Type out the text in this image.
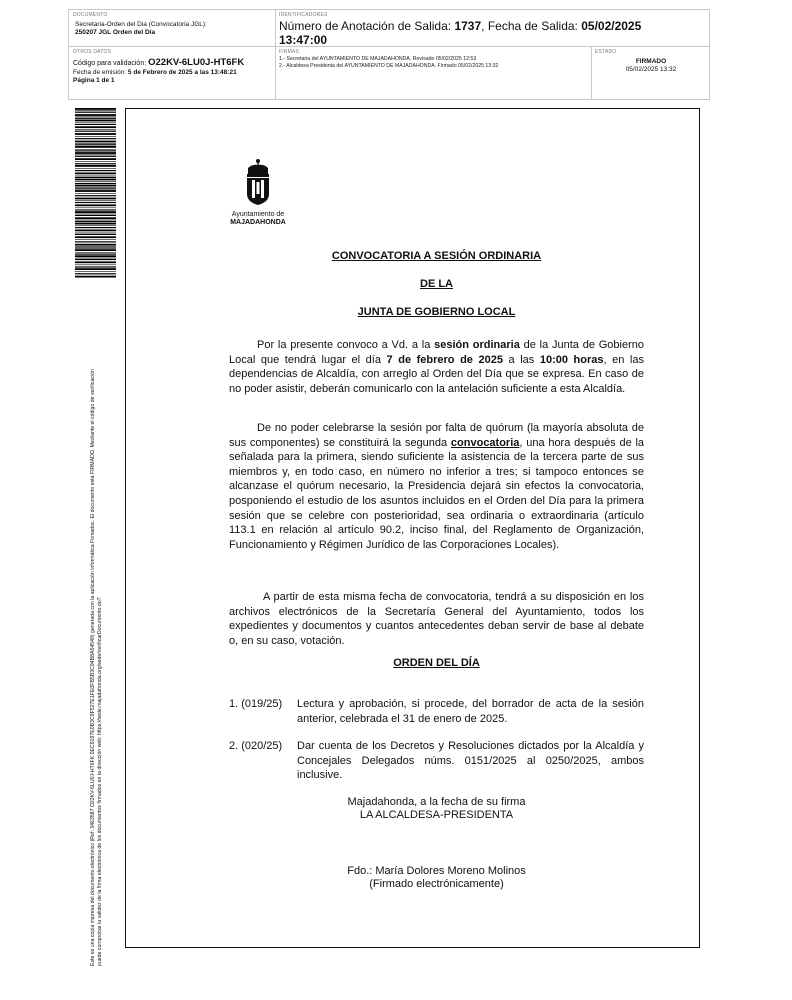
DOCUMENTO
Secretaria-Orden del Dia (Convocatoria JGL):
250207 JGL Orden del Día
IDENTIFICADORES
Número de Anotación de Salida: 1737, Fecha de Salida: 05/02/2025
13:47:00
OTROS DATOS
Código para validación: O22KV-6LU0J-HT6FK
Fecha de emisión: 5 de Febrero de 2025 a las 13:48:21
Página 1 de 1
FIRMAS
1.- Secretaria del AYUNTAMIENTO DE MAJADAHONDA. Revisado 05/02/2025 12:53
2.- Alcaldesa Presidenta del AYUNTAMIENTO DE MAJADAHONDA. Firmado 05/02/2025 13:32
ESTADO
FIRMADO
05/02/2025 13:32
Este es una copia impresa del documento electrónico (Ref: 3463587 O22KV-6LU0J-HT6FK 0EC9197E0B3C9F527E1FE0FB5B3C94B8A54549) generada con la aplicación informática Firmadoc. El documento está FIRMADO. Mediante el código de verificación puede comprobar la validez de la firma electrónica de los documentos firmados en la dirección web: https://sede.majadahonda.org/sede/verificarDocumento.do?
Ayuntamiento de
MAJADAHONDA
CONVOCATORIA A SESIÓN ORDINARIA
DE LA
JUNTA DE GOBIERNO LOCAL
Por la presente convoco a Vd. a la sesión ordinaria de la Junta de Gobierno Local que tendrá lugar el día 7 de febrero de 2025 a las 10:00 horas, en las dependencias de Alcaldía, con arreglo al Orden del Día que se expresa. En caso de no poder asistir, deberán comunicarlo con la antelación suficiente a esta Alcaldía.
De no poder celebrarse la sesión por falta de quórum (la mayoría absoluta de sus componentes) se constituirá la segunda convocatoria, una hora después de la señalada para la primera, siendo suficiente la asistencia de la tercera parte de sus miembros y, en todo caso, en número no inferior a tres; si tampoco entonces se alcanzase el quórum necesario, la Presidencia dejará sin efectos la convocatoria, posponiendo el estudio de los asuntos incluidos en el Orden del Día para la primera sesión que se celebre con posterioridad, sea ordinaria o extraordinaria (artículo 113.1 en relación al artículo 90.2, inciso final, del Reglamento de Organización, Funcionamiento y Régimen Jurídico de las Corporaciones Locales).
A partir de esta misma fecha de convocatoria, tendrá a su disposición en los archivos electrónicos de la Secretaría General del Ayuntamiento, todos los expedientes y documentos y cuantos antecedentes deban servir de base al debate o, en su caso, votación.
ORDEN DEL DÍA
1. (019/25)	Lectura y aprobación, si procede, del borrador de acta de la sesión anterior, celebrada el 31 de enero de 2025.
2. (020/25)	Dar cuenta de los Decretos y Resoluciones dictados por la Alcaldía y Concejales Delegados núms. 0151/2025 al 0250/2025, ambos inclusive.
Majadahonda, a la fecha de su firma
LA ALCALDESA-PRESIDENTA
Fdo.: María Dolores Moreno Molinos
(Firmado electrónicamente)
